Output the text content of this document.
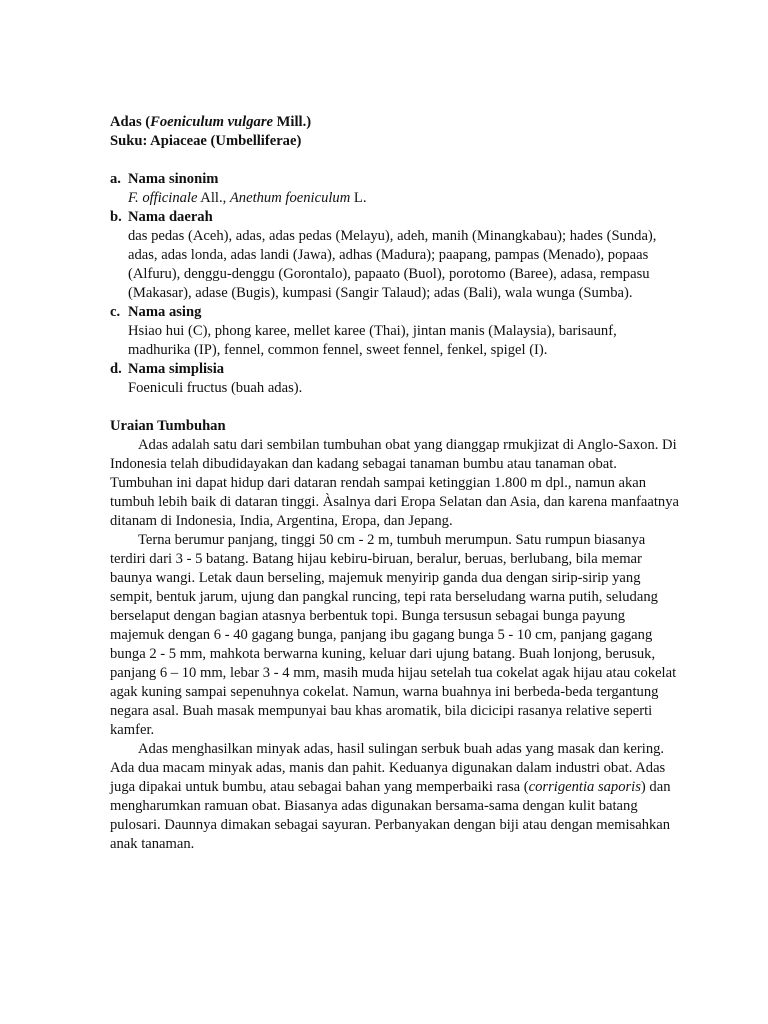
Adas (Foeniculum vulgare Mill.)

Suku: Apiaceae (Umbelliferae)

a. Nama sinonim

F. officinale All., Anethum foeniculum L.

b. Nama daerah

das pedas (Aceh), adas, adas pedas (Melayu), adeh, manih (Minangkabau); hades (Sunda), adas, adas londa, adas landi (Jawa), adhas (Madura); paapang, pampas (Menado), popaas (Alfuru), denggu-denggu (Gorontalo), papaato (Buol), porotomo (Baree), adasa, rempasu (Makasar), adase (Bugis), kumpasi (Sangir Talaud); adas (Bali), wala wunga (Sumba).

c. Nama asing

Hsiao hui (C), phong karee, mellet karee (Thai), jintan manis (Malaysia), barisaunf, madhurika (IP), fennel, common fennel, sweet fennel, fenkel, spigel (I).

d. Nama simplisia

Foeniculi fructus (buah adas).

Uraian Tumbuhan

Adas adalah satu dari sembilan tumbuhan obat yang dianggap rmukjizat di Anglo-Saxon. Di Indonesia telah dibudidayakan dan kadang sebagai tanaman bumbu atau tanaman obat. Tumbuhan ini dapat hidup dari dataran rendah sampai ketinggian 1.800 m dpl., namun akan tumbuh lebih baik di dataran tinggi. Àsalnya dari Eropa Selatan dan Asia, dan karena manfaatnya ditanam di Indonesia, India, Argentina, Eropa, dan Jepang.

Terna berumur panjang, tinggi 50 cm - 2 m, tumbuh merumpun. Satu rumpun biasanya terdiri dari 3 - 5 batang. Batang hijau kebiru-biruan, beralur, beruas, berlubang, bila memar baunya wangi. Letak daun berseling, majemuk menyirip ganda dua dengan sirip-sirip yang sempit, bentuk jarum, ujung dan pangkal runcing, tepi rata berseludang warna putih, seludang berselaput dengan bagian atasnya berbentuk topi. Bunga tersusun sebagai bunga payung majemuk dengan 6 - 40 gagang bunga, panjang ibu gagang bunga 5 - 10 cm, panjang gagang bunga 2 - 5 mm, mahkota berwarna kuning, keluar dari ujung batang. Buah lonjong, berusuk, panjang 6 – 10 mm, lebar 3 - 4 mm, masih muda hijau setelah tua cokelat agak hijau atau cokelat agak kuning sampai sepenuhnya cokelat. Namun, warna buahnya ini berbeda-beda tergantung negara asal. Buah masak mempunyai bau khas aromatik, bila dicicipi rasanya relative seperti kamfer.

Adas menghasilkan minyak adas, hasil sulingan serbuk buah adas yang masak dan kering. Ada dua macam minyak adas, manis dan pahit. Keduanya digunakan dalam industri obat. Adas juga dipakai untuk bumbu, atau sebagai bahan yang memperbaiki rasa (corrigentia saporis) dan mengharumkan ramuan obat. Biasanya adas digunakan bersama-sama dengan kulit batang pulosari. Daunnya dimakan sebagai sayuran. Perbanyakan dengan biji atau dengan memisahkan anak tanaman.
